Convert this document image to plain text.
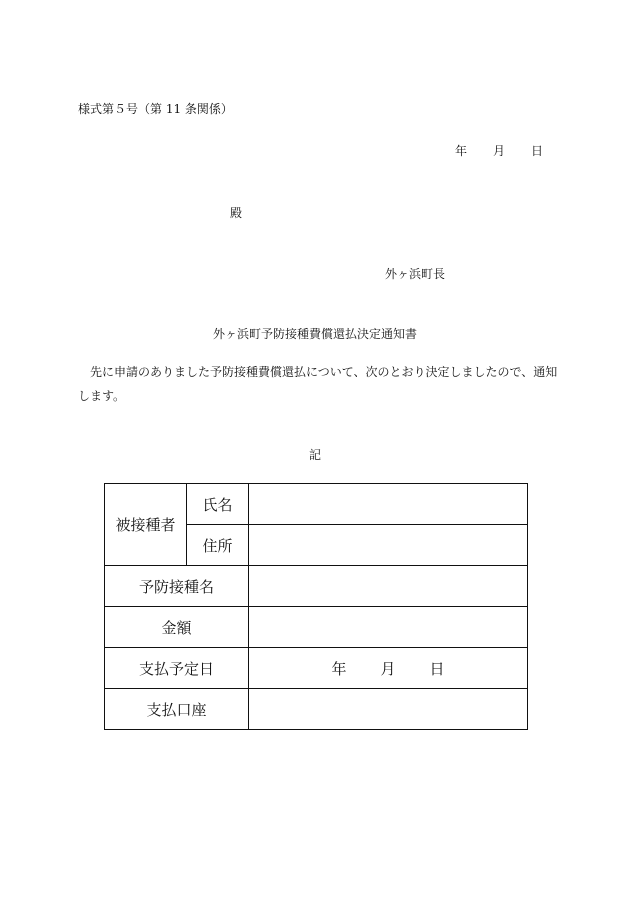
様式第５号（第 11 条関係）
年 月 日
殿
外ヶ浜町長
外ヶ浜町予防接種費償還払決定通知書
先に申請のありました予防接種費償還払について、次のとおり決定しましたので、通知します。
記
被接種者	氏名	
	住所	
予防接種名		
金額		
支払予定日		年 月 日
支払口座		
